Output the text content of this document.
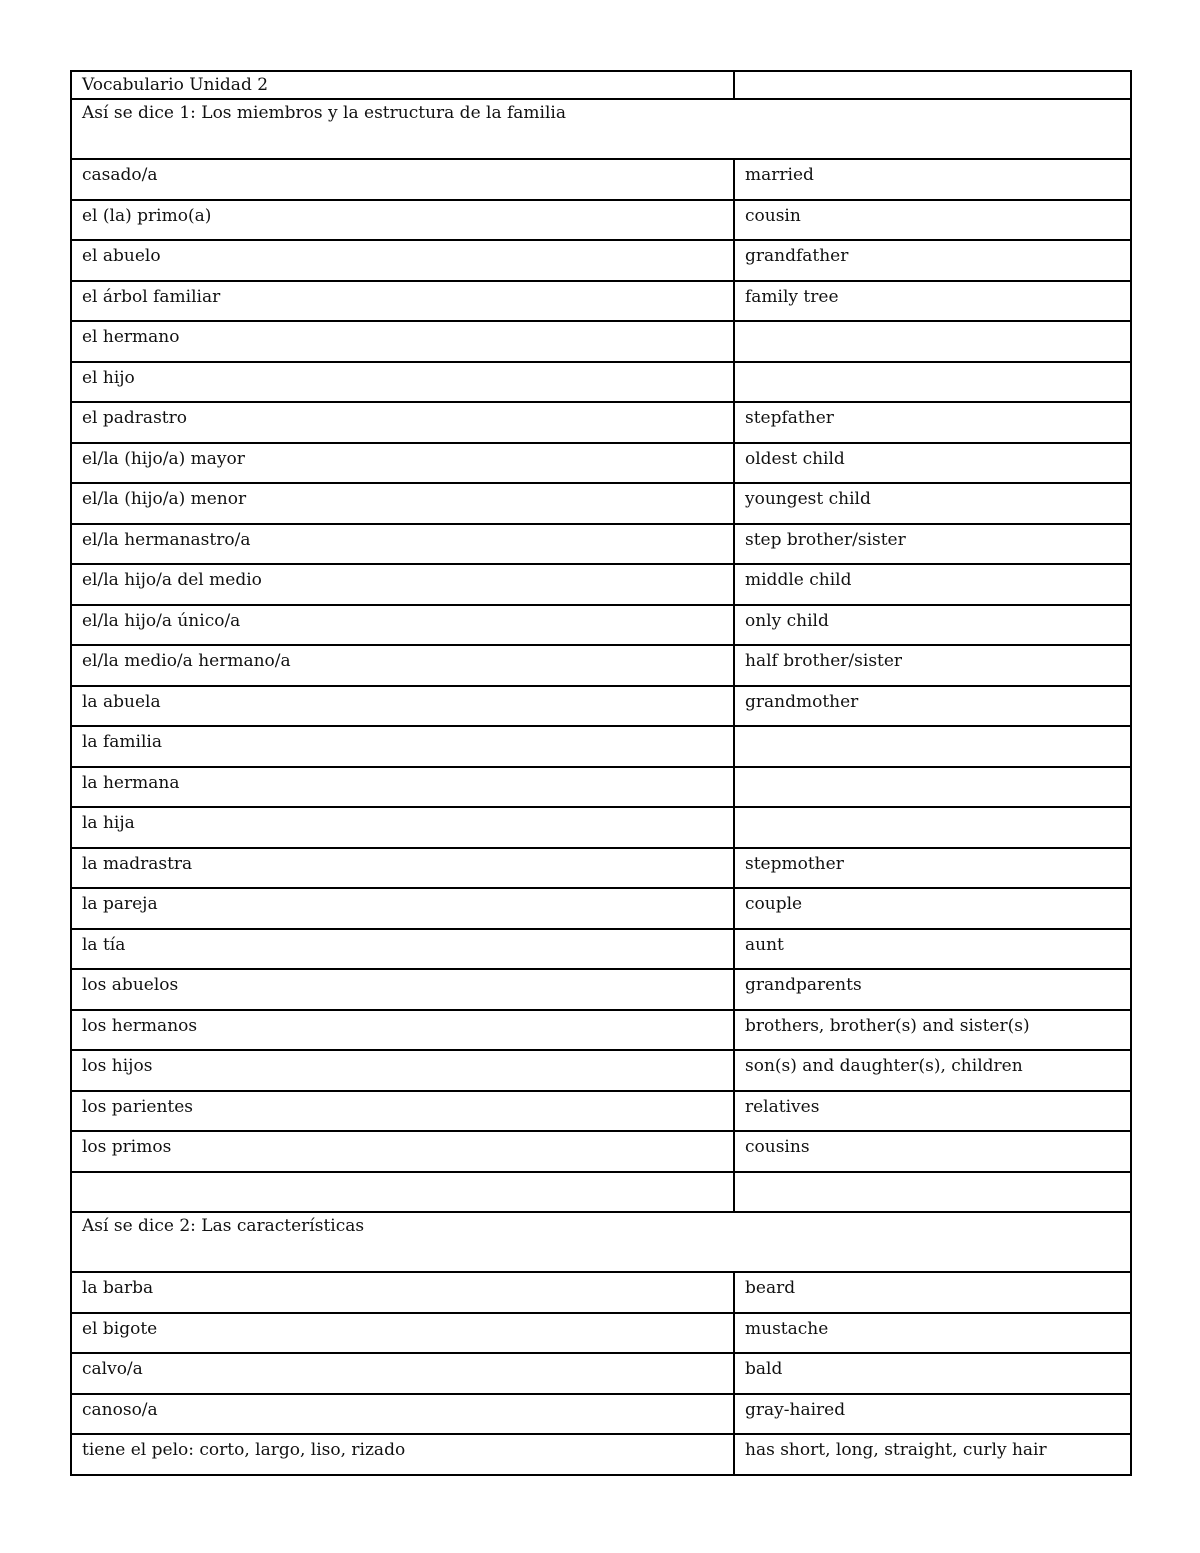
Vocabulario Unidad 2	
Así se dice 1: Los miembros y la estructura de la familia	
casado/a	married
el (la) primo(a)	cousin
el abuelo	grandfather
el árbol familiar	family tree
el hermano	
el hijo	
el padrastro	stepfather
el/la (hijo/a) mayor	oldest child
el/la (hijo/a) menor	youngest child
el/la hermanastro/a	step brother/sister
el/la hijo/a del medio	middle child
el/la hijo/a único/a	only child
el/la medio/a hermano/a	half brother/sister
la abuela	grandmother
la familia	
la hermana	
la hija	
la madrastra	stepmother
la pareja	couple
la tía	aunt
los abuelos	grandparents
los hermanos	brothers, brother(s) and sister(s)
los hijos	son(s) and daughter(s), children
los parientes	relatives
los primos	cousins

Así se dice 2: Las características	
la barba	beard
el bigote	mustache
calvo/a	bald
canoso/a	gray-haired
tiene el pelo: corto, largo, liso, rizado	has short, long, straight, curly hair
